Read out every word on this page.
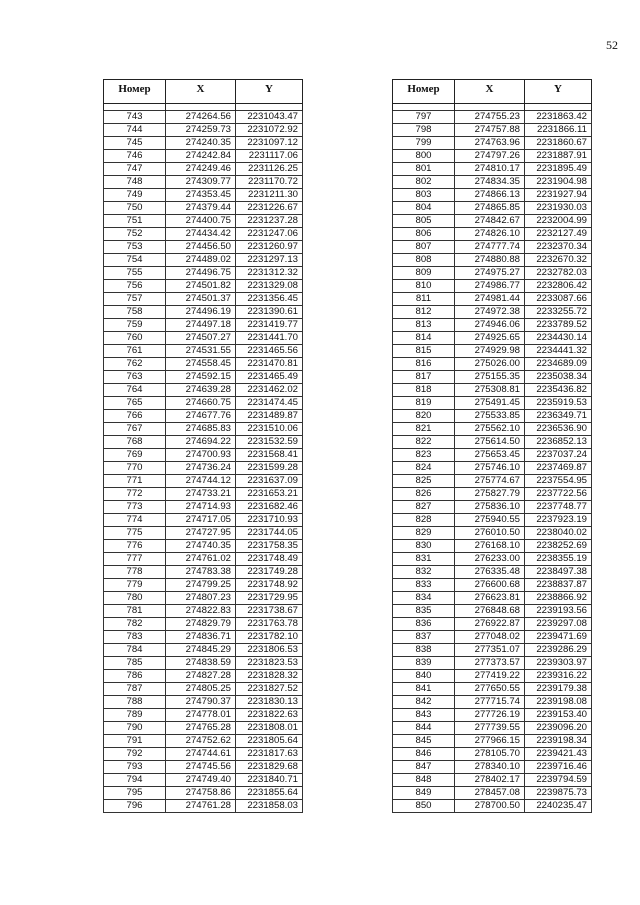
52
Номер	X	Y

743	274264.56	2231043.47
744	274259.73	2231072.92
745	274240.35	2231097.12
746	274242.84	2231117.06
747	274249.46	2231126.25
748	274309.77	2231170.72
749	274353.45	2231211.30
750	274379.44	2231226.67
751	274400.75	2231237.28
752	274434.42	2231247.06
753	274456.50	2231260.97
754	274489.02	2231297.13
755	274496.75	2231312.32
756	274501.82	2231329.08
757	274501.37	2231356.45
758	274496.19	2231390.61
759	274497.18	2231419.77
760	274507.27	2231441.70
761	274531.55	2231465.56
762	274558.45	2231470.81
763	274592.15	2231465.49
764	274639.28	2231462.02
765	274660.75	2231474.45
766	274677.76	2231489.87
767	274685.83	2231510.06
768	274694.22	2231532.59
769	274700.93	2231568.41
770	274736.24	2231599.28
771	274744.12	2231637.09
772	274733.21	2231653.21
773	274714.93	2231682.46
774	274717.05	2231710.93
775	274727.95	2231744.05
776	274740.35	2231758.35
777	274761.02	2231748.49
778	274783.38	2231749.28
779	274799.25	2231748.92
780	274807.23	2231729.95
781	274822.83	2231738.67
782	274829.79	2231763.78
783	274836.71	2231782.10
784	274845.29	2231806.53
785	274838.59	2231823.53
786	274827.28	2231828.32
787	274805.25	2231827.52
788	274790.37	2231830.13
789	274778.01	2231822.63
790	274765.28	2231808.01
791	274752.62	2231805.64
792	274744.61	2231817.63
793	274745.56	2231829.68
794	274749.40	2231840.71
795	274758.86	2231855.64
796	274761.28	2231858.03
Номер	X	Y

797	274755.23	2231863.42
798	274757.88	2231866.11
799	274763.96	2231860.67
800	274797.26	2231887.91
801	274810.17	2231895.49
802	274834.35	2231904.98
803	274866.13	2231927.94
804	274865.85	2231930.03
805	274842.67	2232004.99
806	274826.10	2232127.49
807	274777.74	2232370.34
808	274880.88	2232670.32
809	274975.27	2232782.03
810	274986.77	2232806.42
811	274981.44	2233087.66
812	274972.38	2233255.72
813	274946.06	2233789.52
814	274925.65	2234430.14
815	274929.98	2234441.32
816	275026.00	2234689.09
817	275155.35	2235038.34
818	275308.81	2235436.82
819	275491.45	2235919.53
820	275533.85	2236349.71
821	275562.10	2236536.90
822	275614.50	2236852.13
823	275653.45	2237037.24
824	275746.10	2237469.87
825	275774.67	2237554.95
826	275827.79	2237722.56
827	275836.10	2237748.77
828	275940.55	2237923.19
829	276010.50	2238040.02
830	276168.10	2238252.69
831	276233.00	2238355.19
832	276335.48	2238497.38
833	276600.68	2238837.87
834	276623.81	2238866.92
835	276848.68	2239193.56
836	276922.87	2239297.08
837	277048.02	2239471.69
838	277351.07	2239286.29
839	277373.57	2239303.97
840	277419.22	2239316.22
841	277650.55	2239179.38
842	277715.74	2239198.08
843	277726.19	2239153.40
844	277739.55	2239096.20
845	277966.15	2239198.34
846	278105.70	2239421.43
847	278340.10	2239716.46
848	278402.17	2239794.59
849	278457.08	2239875.73
850	278700.50	2240235.47
